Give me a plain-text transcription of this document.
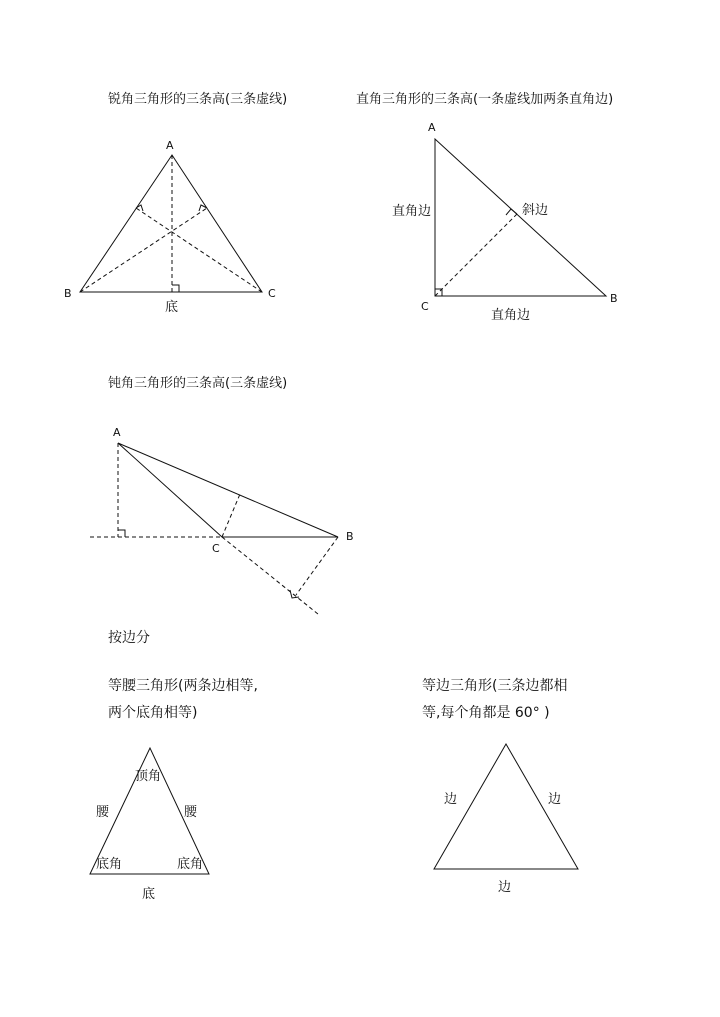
锐角三角形的三条高(三条虚线)	直角三角形的三条高(一条虚线加两条直角边)
钝角三角形的三条高(三条虚线)
按边分
等腰三角形(两条边相等,
两个底角相等)
等边三角形(三条边都相
等,每个角都是 60° )
A
B	C
底
A
B
C
直角边	斜边
直角边
A
B
C
顶角
腰	腰
底角	底角
底
边	边
边
